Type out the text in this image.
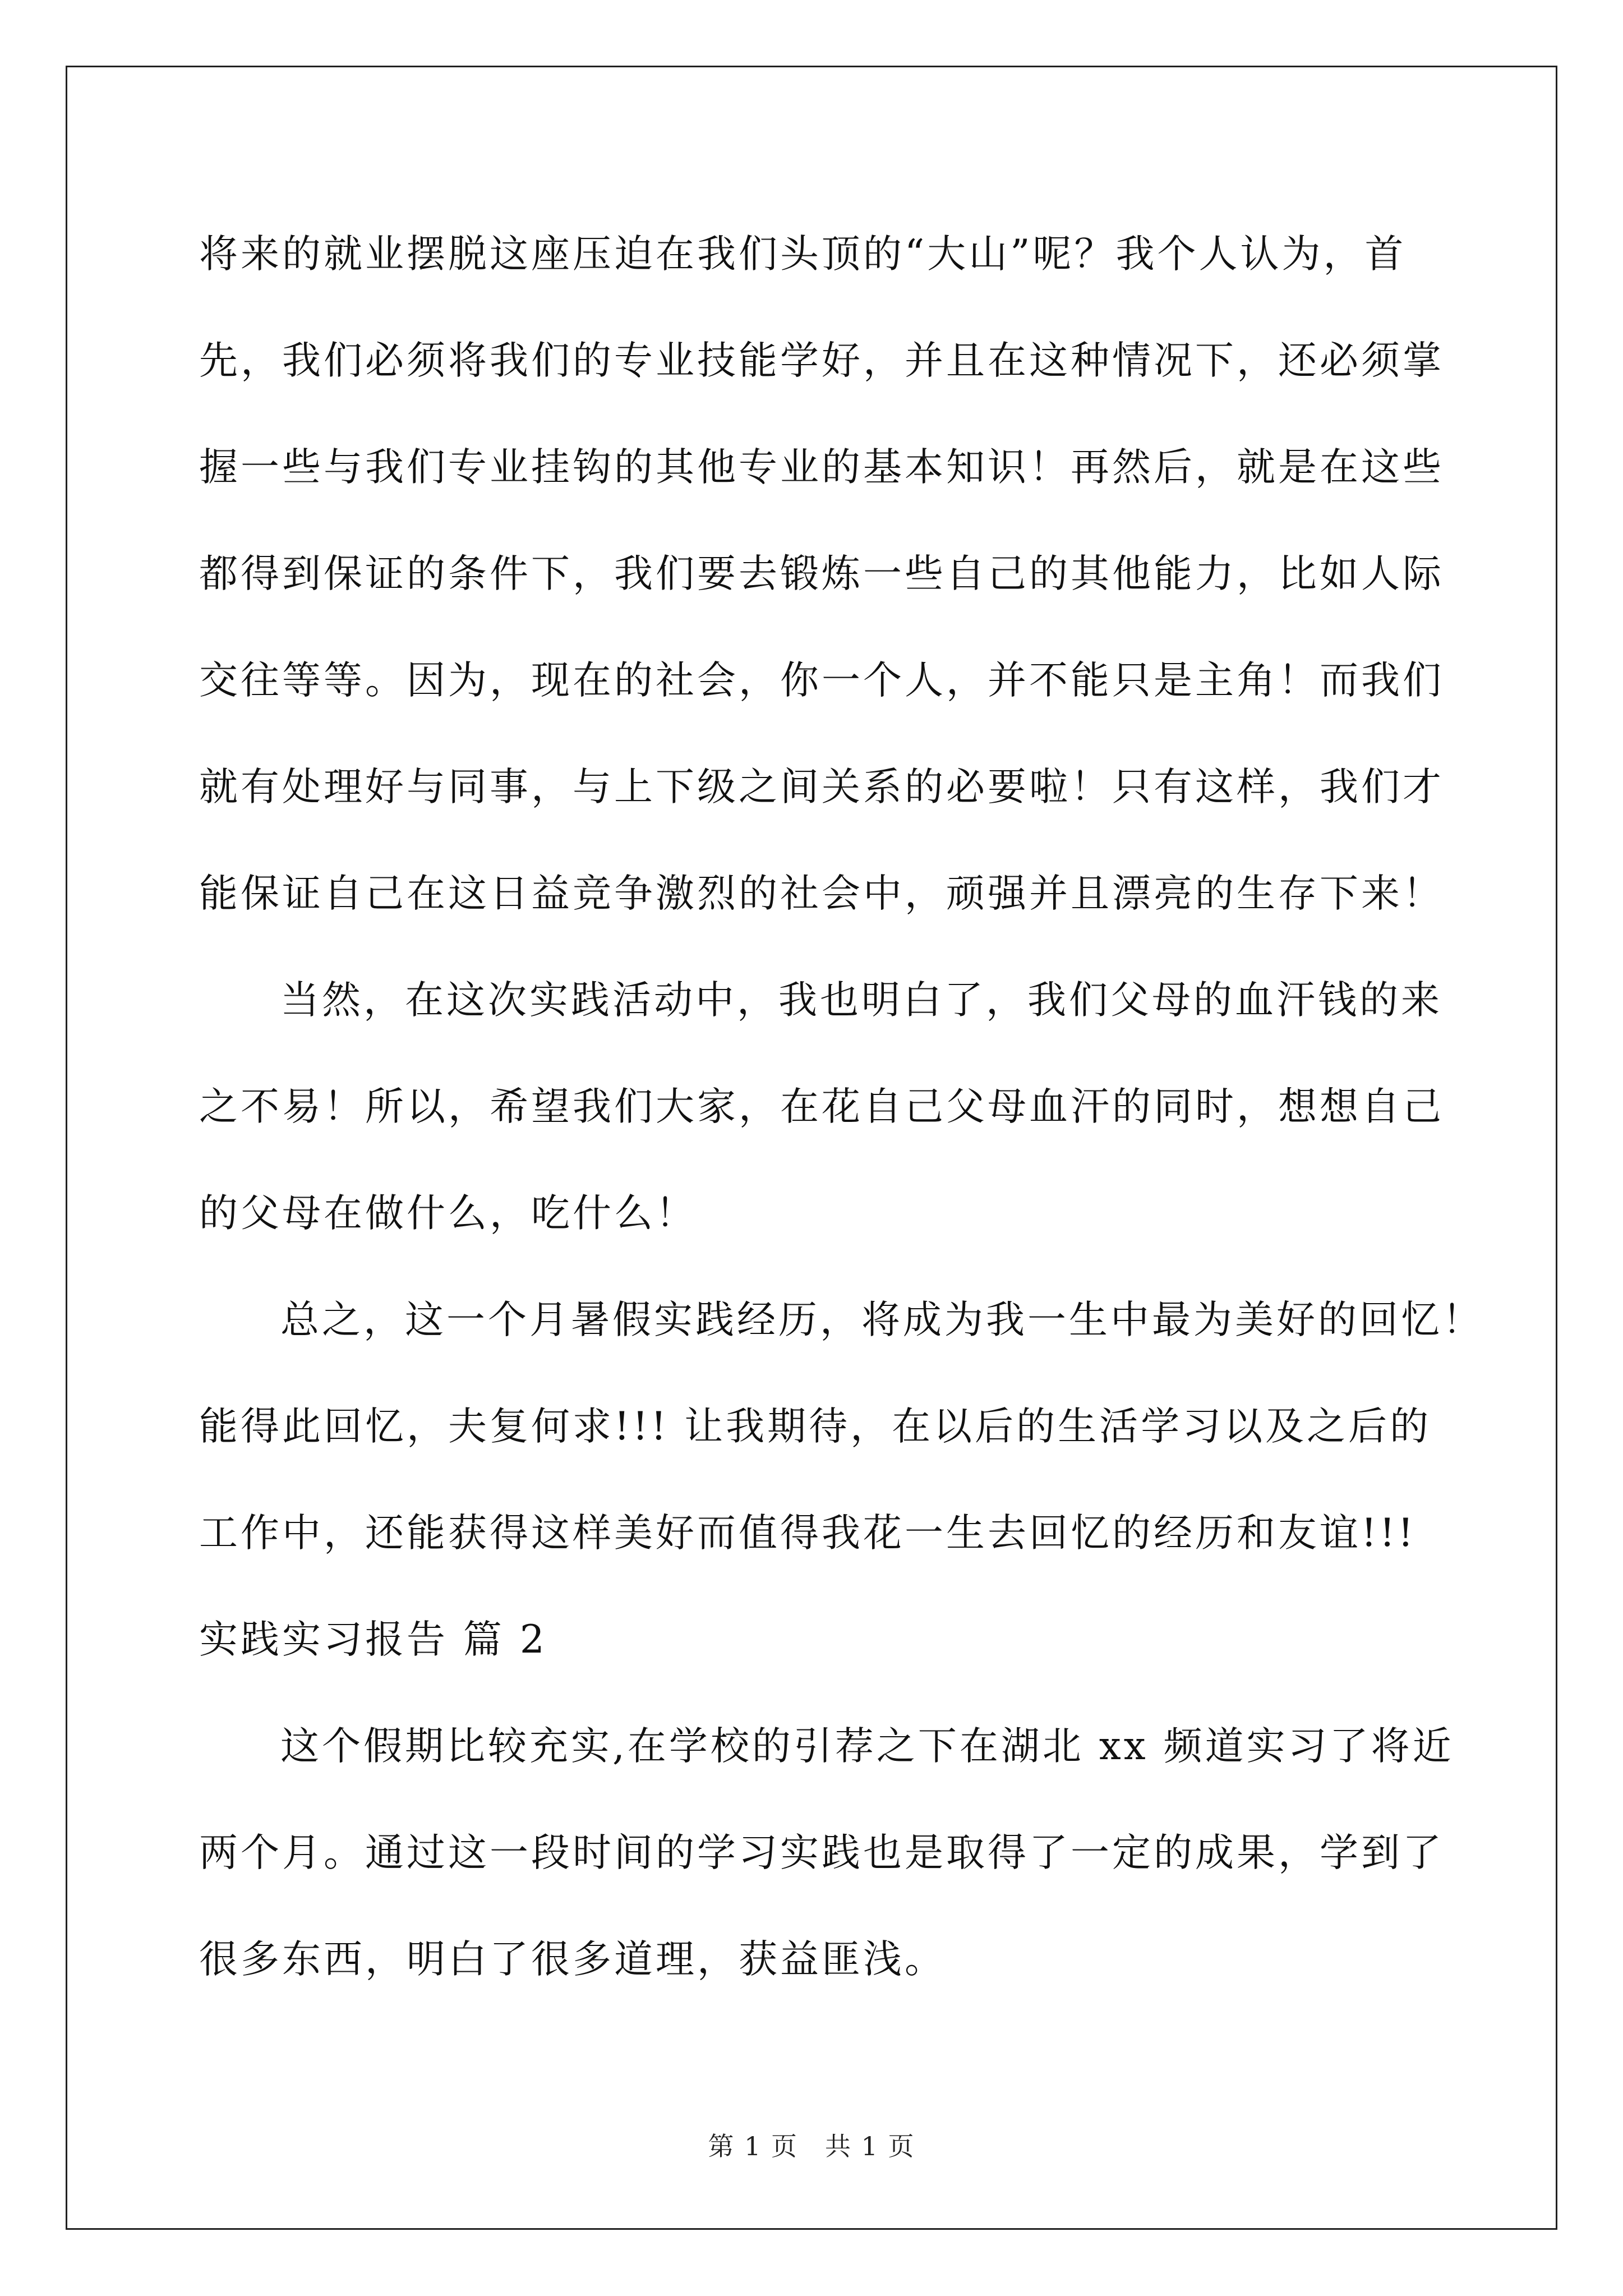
将来的就业摆脱这座压迫在我们头顶的“大山”呢？我个人认为，首

先，我们必须将我们的专业技能学好，并且在这种情况下，还必须掌

握一些与我们专业挂钩的其他专业的基本知识！再然后，就是在这些

都得到保证的条件下，我们要去锻炼一些自己的其他能力，比如人际

交往等等。因为，现在的社会，你一个人，并不能只是主角！而我们

就有处理好与同事，与上下级之间关系的必要啦！只有这样，我们才

能保证自己在这日益竞争激烈的社会中，顽强并且漂亮的生存下来！

当然，在这次实践活动中，我也明白了，我们父母的血汗钱的来

之不易！所以，希望我们大家，在花自己父母血汗的同时，想想自己

的父母在做什么，吃什么！

总之，这一个月暑假实践经历，将成为我一生中最为美好的回忆！

能得此回忆，夫复何求!!! 让我期待，在以后的生活学习以及之后的

工作中，还能获得这样美好而值得我花一生去回忆的经历和友谊!!!

实践实习报告 篇 2

这个假期比较充实,在学校的引荐之下在湖北 xx 频道实习了将近

两个月。通过这一段时间的学习实践也是取得了一定的成果，学到了

很多东西，明白了很多道理，获益匪浅。

第 1 页　共 1 页
